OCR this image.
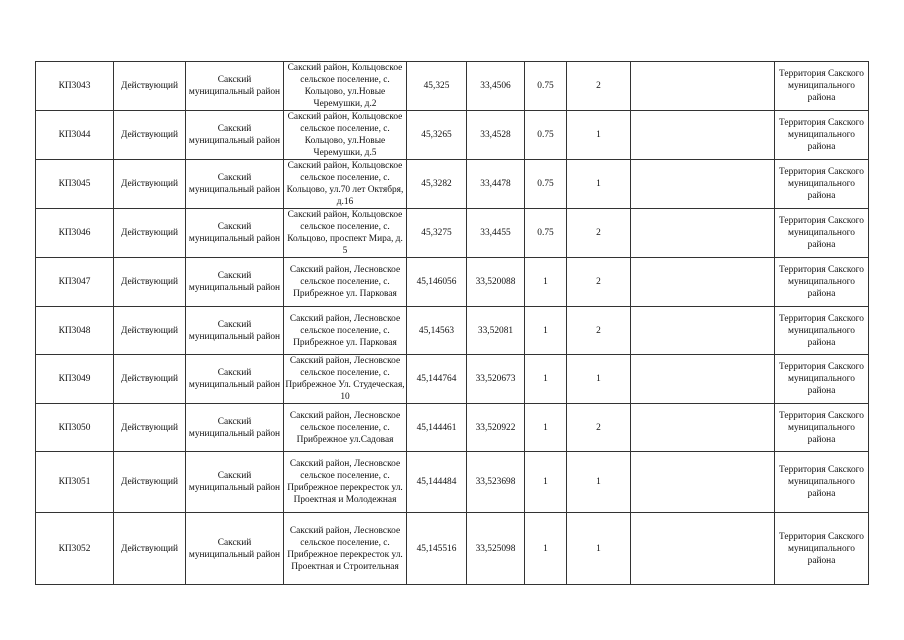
КП3043	Действующий	Сакский муниципальный район	Сакский район, Кольцовское сельское поселение, с. Кольцово, ул.Новые Черемушки, д.2	45,325	33,4506	0.75	2		Территория Сакского муниципального района
КП3044	Действующий	Сакский муниципальный район	Сакский район, Кольцовское сельское поселение, с. Кольцово, ул.Новые Черемушки, д.5	45,3265	33,4528	0.75	1		Территория Сакского муниципального района
КП3045	Действующий	Сакский муниципальный район	Сакский район, Кольцовское сельское поселение, с. Кольцово, ул.70 лет Октября, д.16	45,3282	33,4478	0.75	1		Территория Сакского муниципального района
КП3046	Действующий	Сакский муниципальный район	Сакский район, Кольцовское сельское поселение, с. Кольцово, проспект Мира, д. 5	45,3275	33,4455	0.75	2		Территория Сакского муниципального района
КП3047	Действующий	Сакский муниципальный район	Сакский район, Лесновское сельское поселение, с. Прибрежное ул. Парковая	45,146056	33,520088	1	2		Территория Сакского муниципального района
КП3048	Действующий	Сакский муниципальный район	Сакский район, Лесновское сельское поселение, с. Прибрежное ул. Парковая	45,14563	33,52081	1	2		Территория Сакского муниципального района
КП3049	Действующий	Сакский муниципальный район	Сакский район, Лесновское сельское поселение, с. Прибрежное Ул. Студеческая, 10	45,144764	33,520673	1	1		Территория Сакского муниципального района
КП3050	Действующий	Сакский муниципальный район	Сакский район, Лесновское сельское поселение, с. Прибрежное ул.Садовая	45,144461	33,520922	1	2		Территория Сакского муниципального района
КП3051	Действующий	Сакский муниципальный район	Сакский район, Лесновское сельское поселение, с. Прибрежное перекресток ул. Проектная и Молодежная	45,144484	33,523698	1	1		Территория Сакского муниципального района
КП3052	Действующий	Сакский муниципальный район	Сакский район, Лесновское сельское поселение, с. Прибрежное перекресток ул. Проектная и Строительная	45,145516	33,525098	1	1		Территория Сакского муниципального района
